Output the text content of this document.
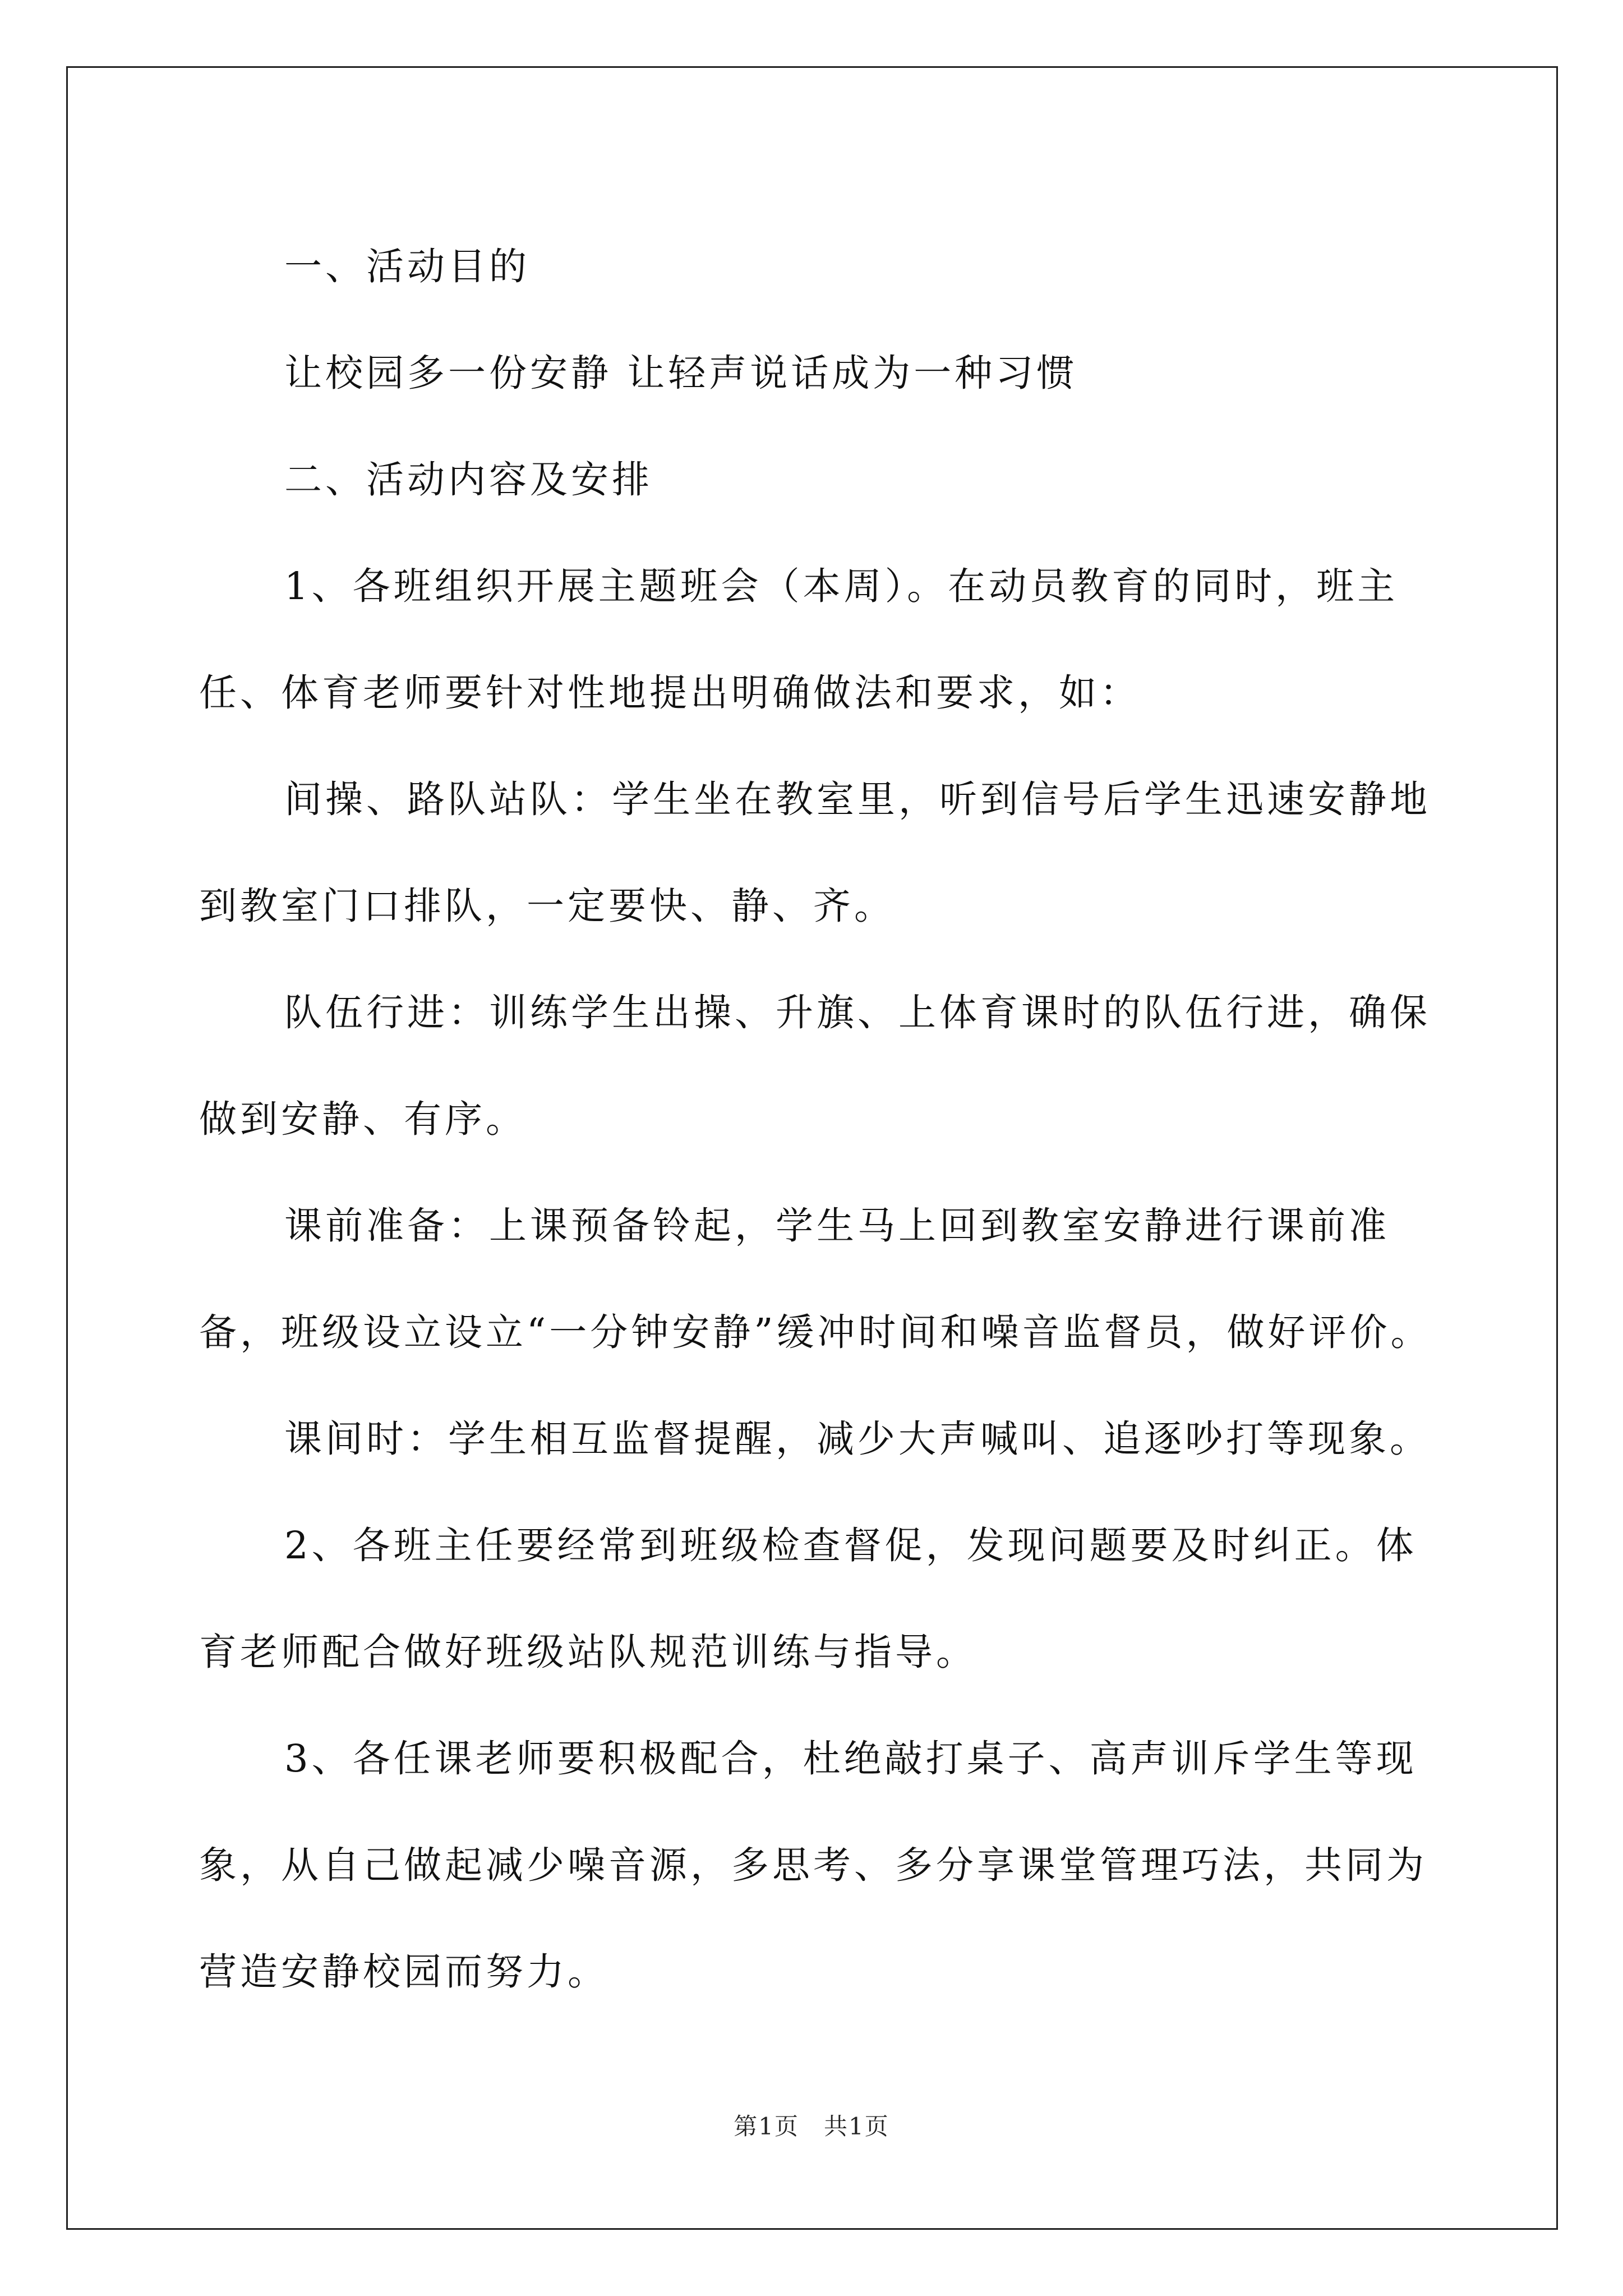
一、活动目的

让校园多一份安静 让轻声说话成为一种习惯

二、活动内容及安排

1、各班组织开展主题班会（本周）。在动员教育的同时，班主任、体育老师要针对性地提出明确做法和要求，如：

间操、路队站队：学生坐在教室里，听到信号后学生迅速安静地到教室门口排队，一定要快、静、齐。

队伍行进：训练学生出操、升旗、上体育课时的队伍行进，确保做到安静、有序。

课前准备：上课预备铃起，学生马上回到教室安静进行课前准备，班级设立设立“一分钟安静”缓冲时间和噪音监督员，做好评价。

课间时：学生相互监督提醒，减少大声喊叫、追逐吵打等现象。

2、各班主任要经常到班级检查督促，发现问题要及时纠正。体育老师配合做好班级站队规范训练与指导。

3、各任课老师要积极配合，杜绝敲打桌子、高声训斥学生等现象，从自己做起减少噪音源，多思考、多分享课堂管理巧法，共同为营造安静校园而努力。

第1页　共1页
